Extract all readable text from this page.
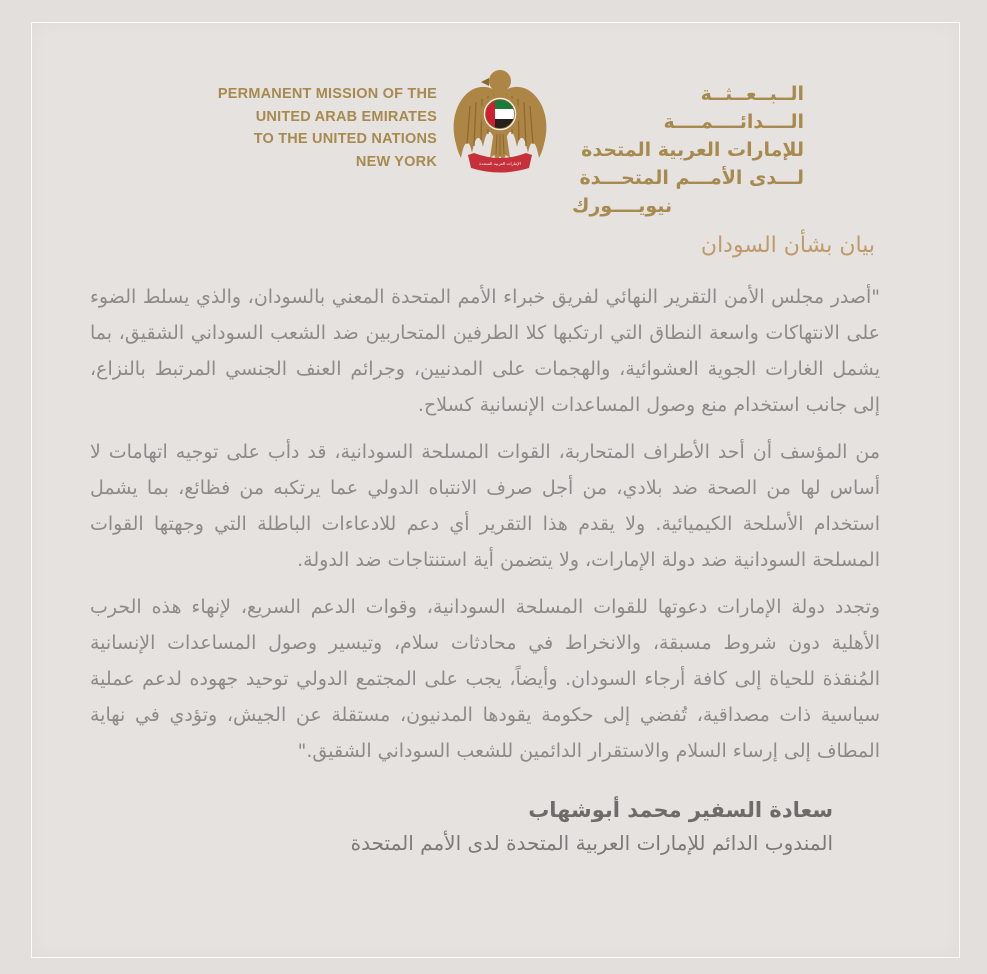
PERMANENT MISSION OF THE
UNITED ARAB EMIRATES
TO THE UNITED NATIONS
NEW YORK	الإمارات العربية المتحدة
الــبــعــثــة الــــدائــــمــــة
للإمارات العربية المتحدة
لـــدى الأمـــم المتحـــدة
نيويــــورك
بيان بشأن السودان

"أصدر مجلس الأمن التقرير النهائي لفريق خبراء الأمم المتحدة المعني بالسودان، والذي يسلط الضوء على الانتهاكات واسعة النطاق التي ارتكبها كلا الطرفين المتحاربين ضد الشعب السوداني الشقيق، بما يشمل الغارات الجوية العشوائية، والهجمات على المدنيين، وجرائم العنف الجنسي المرتبط بالنزاع، إلى جانب استخدام منع وصول المساعدات الإنسانية كسلاح.

من المؤسف أن أحد الأطراف المتحاربة، القوات المسلحة السودانية، قد دأب على توجيه اتهامات لا أساس لها من الصحة ضد بلادي، من أجل صرف الانتباه الدولي عما يرتكبه من فظائع، بما يشمل استخدام الأسلحة الكيميائية. ولا يقدم هذا التقرير أي دعم للادعاءات الباطلة التي وجهتها القوات المسلحة السودانية ضد دولة الإمارات، ولا يتضمن أية استنتاجات ضد الدولة.

وتجدد دولة الإمارات دعوتها للقوات المسلحة السودانية، وقوات الدعم السريع، لإنهاء هذه الحرب الأهلية دون شروط مسبقة، والانخراط في محادثات سلام، وتيسير وصول المساعدات الإنسانية المُنقذة للحياة إلى كافة أرجاء السودان. وأيضاً، يجب على المجتمع الدولي توحيد جهوده لدعم عملية سياسية ذات مصداقية، تُفضي إلى حكومة يقودها المدنيون، مستقلة عن الجيش، وتؤدي في نهاية المطاف إلى إرساء السلام والاستقرار الدائمين للشعب السوداني الشقيق."

سعادة السفير محمد أبوشهاب
المندوب الدائم للإمارات العربية المتحدة لدى الأمم المتحدة
